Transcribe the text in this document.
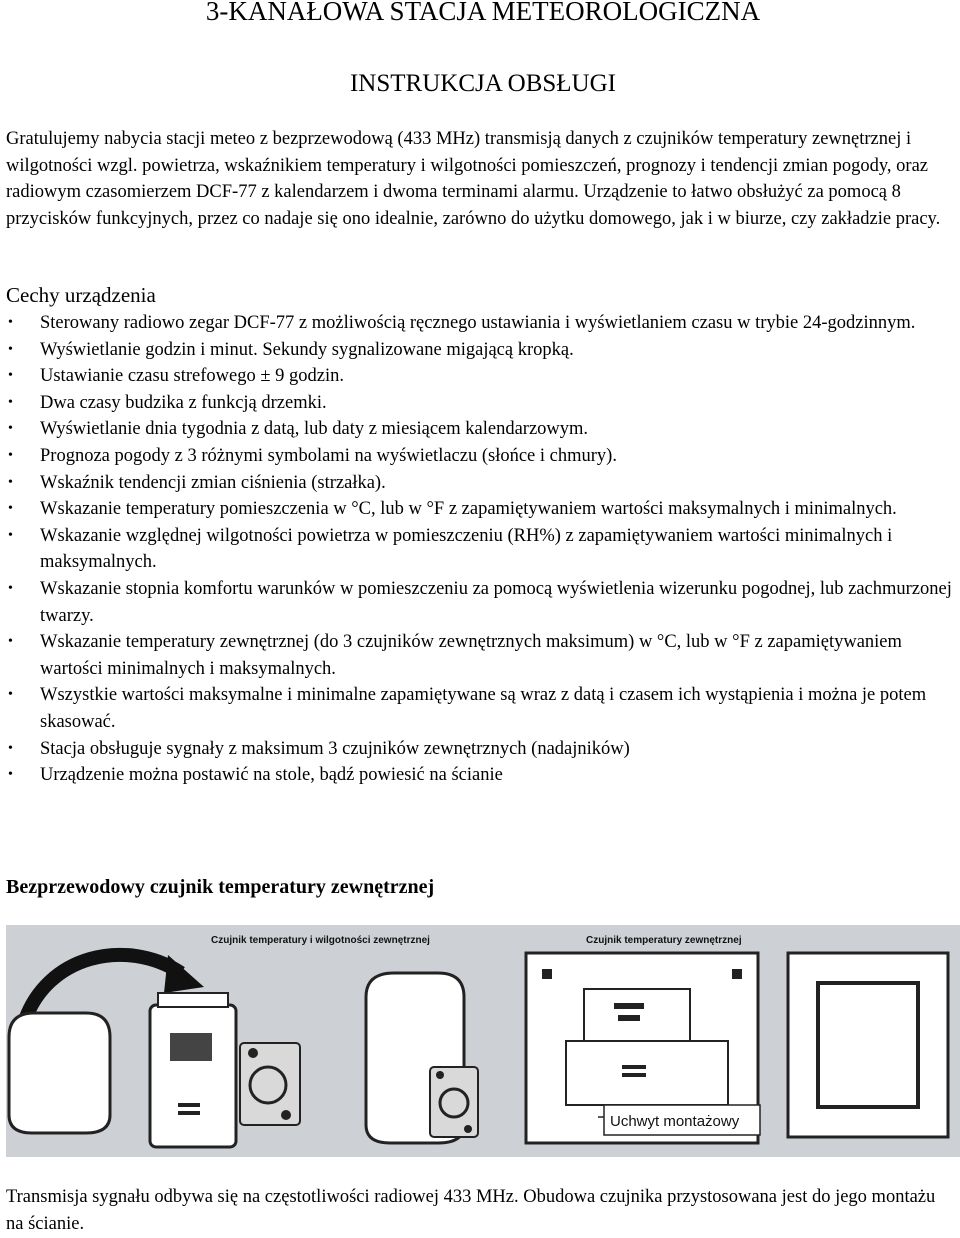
3-KANAŁOWA STACJA METEOROLOGICZNA
INSTRUKCJA OBSŁUGI
Gratulujemy nabycia stacji meteo z bezprzewodową (433 MHz) transmisją danych z czujników temperatury zewnętrznej i wilgotności wzgl. powietrza, wskaźnikiem temperatury i wilgotności pomieszczeń, prognozy i tendencji zmian pogody, oraz radiowym czasomierzem DCF-77 z kalendarzem i dwoma terminami alarmu. Urządzenie to łatwo obsłużyć za pomocą 8 przycisków funkcyjnych, przez co nadaje się ono idealnie, zarówno do użytku domowego, jak i w biurze, czy zakładzie pracy.
Cechy urządzenia
• Sterowany radiowo zegar DCF-77 z możliwością ręcznego ustawiania i wyświetlaniem czasu w trybie 24-godzinnym.
• Wyświetlanie godzin i minut. Sekundy sygnalizowane migającą kropką.
• Ustawianie czasu strefowego ± 9 godzin.
• Dwa czasy budzika z funkcją drzemki.
• Wyświetlanie dnia tygodnia z datą, lub daty z miesiącem kalendarzowym.
• Prognoza pogody z 3 różnymi symbolami na wyświetlaczu (słońce i chmury).
• Wskaźnik tendencji zmian ciśnienia (strzałka).
• Wskazanie temperatury pomieszczenia w °C, lub w °F z zapamiętywaniem wartości maksymalnych i minimalnych.
• Wskazanie względnej wilgotności powietrza w pomieszczeniu (RH%) z zapamiętywaniem wartości minimalnych i maksymalnych.
• Wskazanie stopnia komfortu warunków w pomieszczeniu za pomocą wyświetlenia wizerunku pogodnej, lub zachmurzonej twarzy.
• Wskazanie temperatury zewnętrznej (do 3 czujników zewnętrznych maksimum) w °C, lub w °F z zapamiętywaniem wartości minimalnych i maksymalnych.
• Wszystkie wartości maksymalne i minimalne zapamiętywane są wraz z datą i czasem ich wystąpienia i można je potem skasować.
• Stacja obsługuje sygnały z maksimum 3 czujników zewnętrznych (nadajników)
• Urządzenie można postawić na stole, bądź powiesić na ścianie
Bezprzewodowy czujnik temperatury zewnętrznej
Czujnik temperatury i wilgotności zewnętrznej	Czujnik temperatury zewnętrznej
Uchwyt montażowy
Transmisja sygnału odbywa się na częstotliwości radiowej 433 MHz. Obudowa czujnika przystosowana jest do jego montażu na ścianie.
